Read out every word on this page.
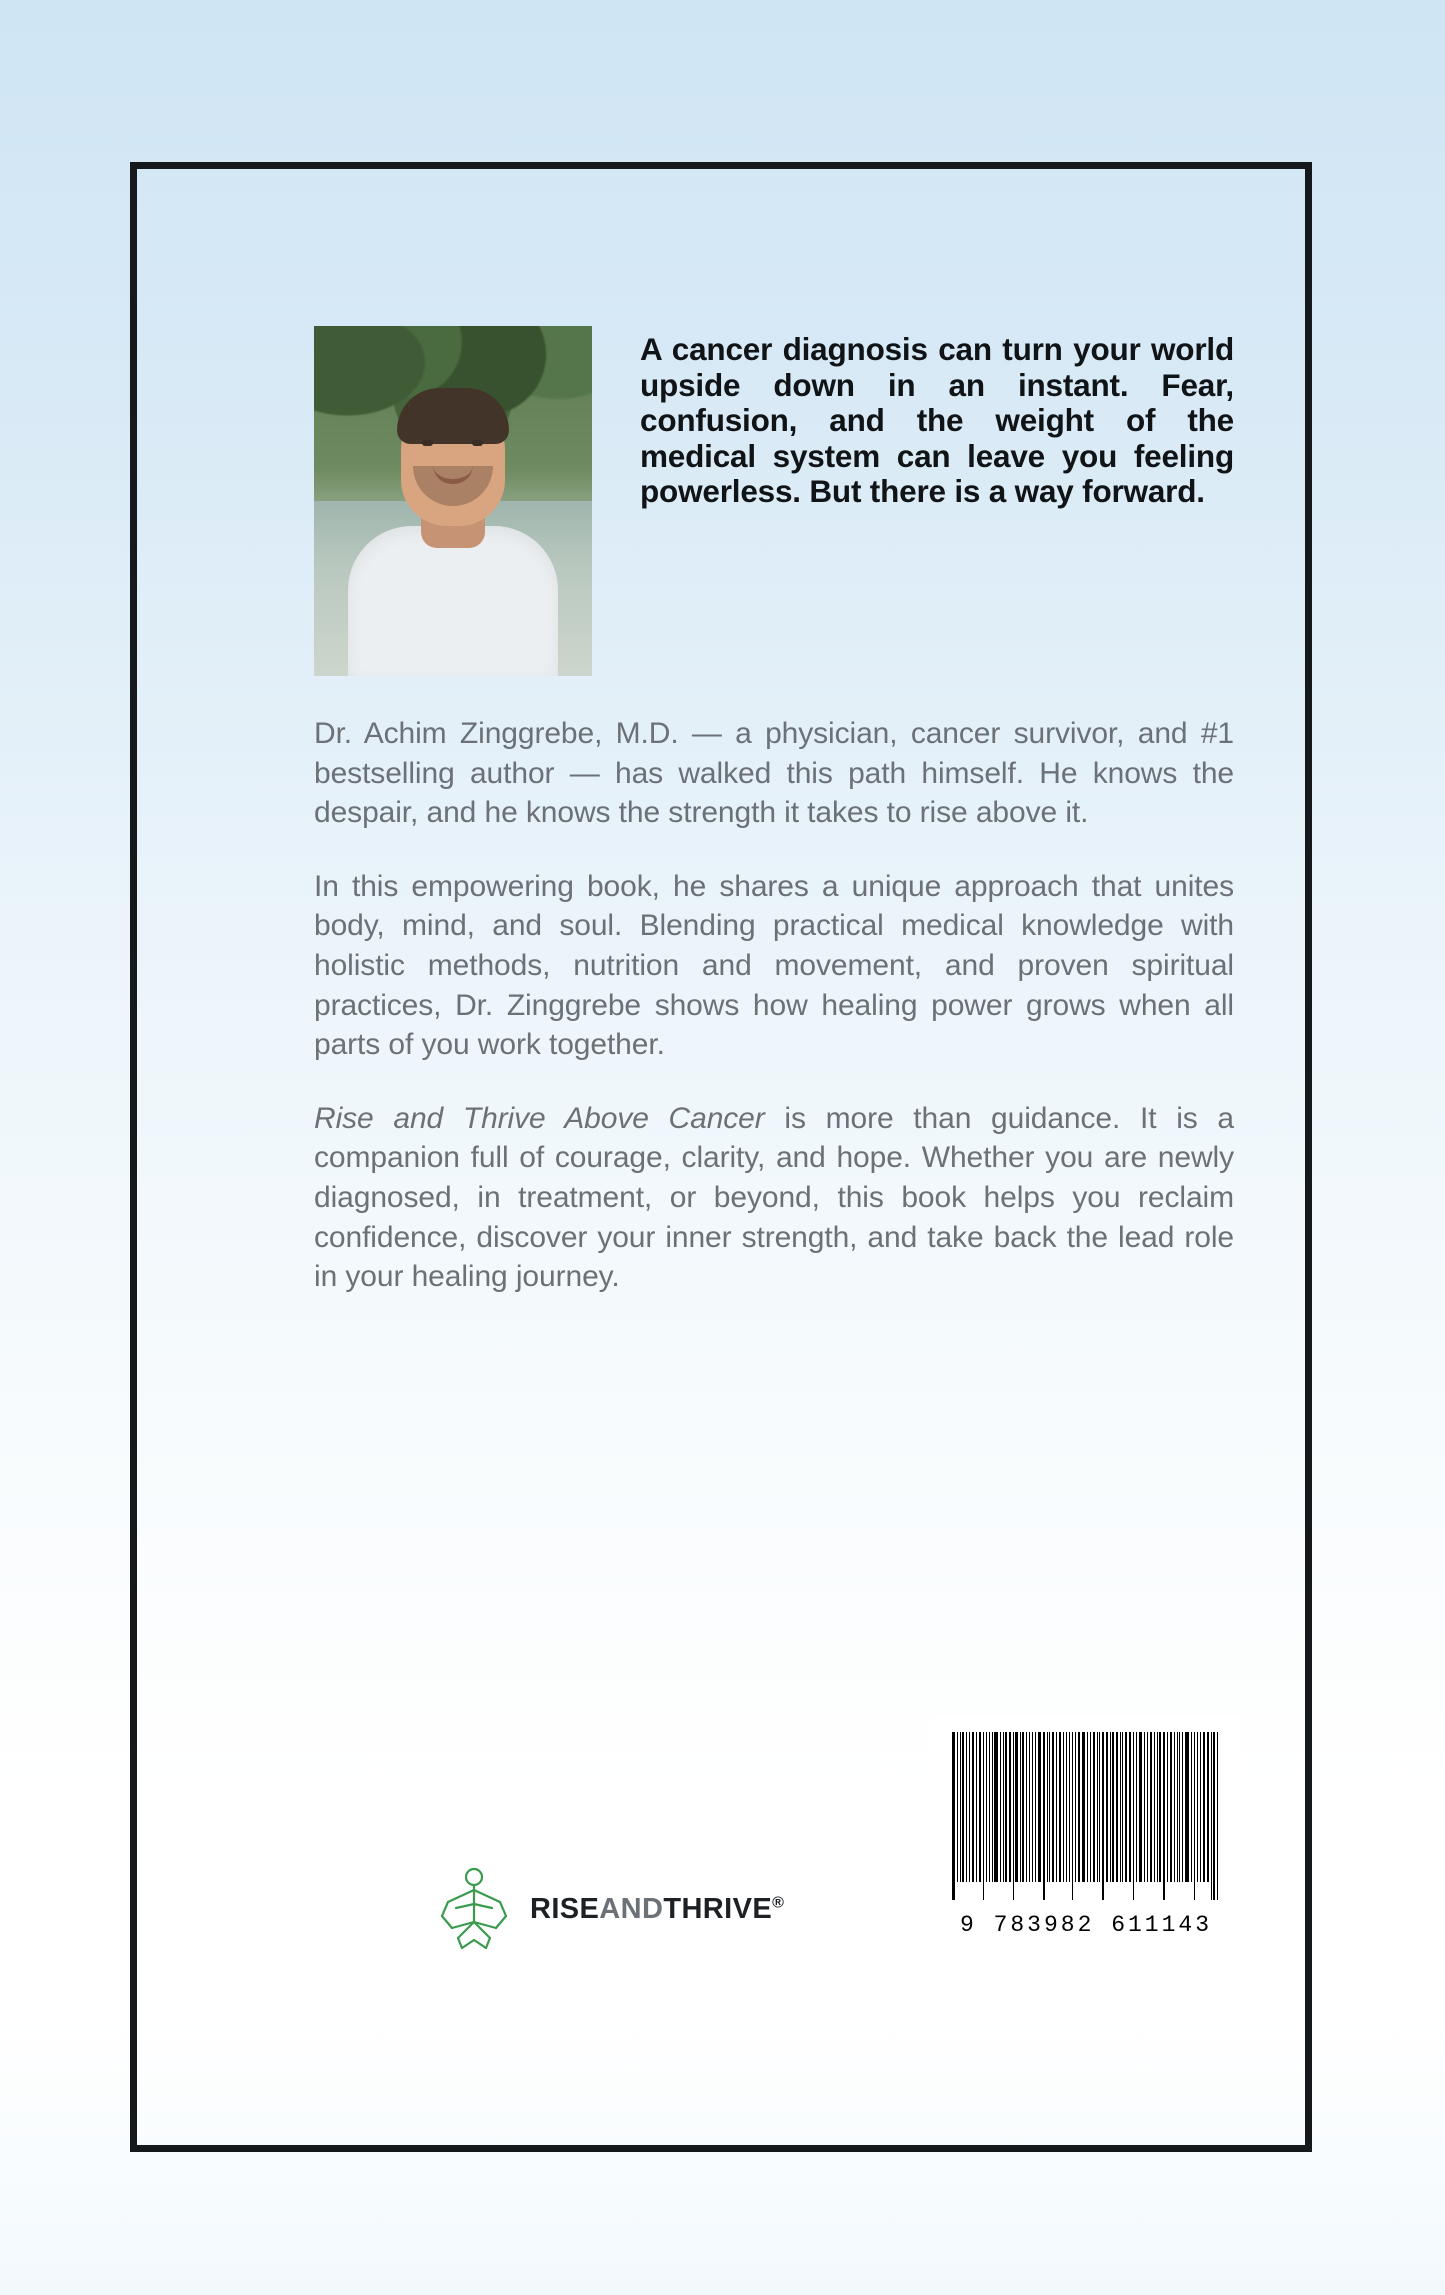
A cancer diagnosis can turn your world upside down in an instant. Fear, confusion, and the weight of the medical system can leave you feeling powerless. But there is a way forward.

Dr. Achim Zinggrebe, M.D. — a physician, cancer survivor, and #1 bestselling author — has walked this path himself. He knows the despair, and he knows the strength it takes to rise above it.

In this empowering book, he shares a unique approach that unites body, mind, and soul. Blending practical medical knowledge with holistic methods, nutrition and movement, and proven spiritual practices, Dr. Zinggrebe shows how healing power grows when all parts of you work together.

Rise and Thrive Above Cancer is more than guidance. It is a companion full of courage, clarity, and hope. Whether you are newly diagnosed, in treatment, or beyond, this book helps you reclaim confidence, discover your inner strength, and take back the lead role in your healing journey.

9 783982 611143
RISEANDTHRIVE®
